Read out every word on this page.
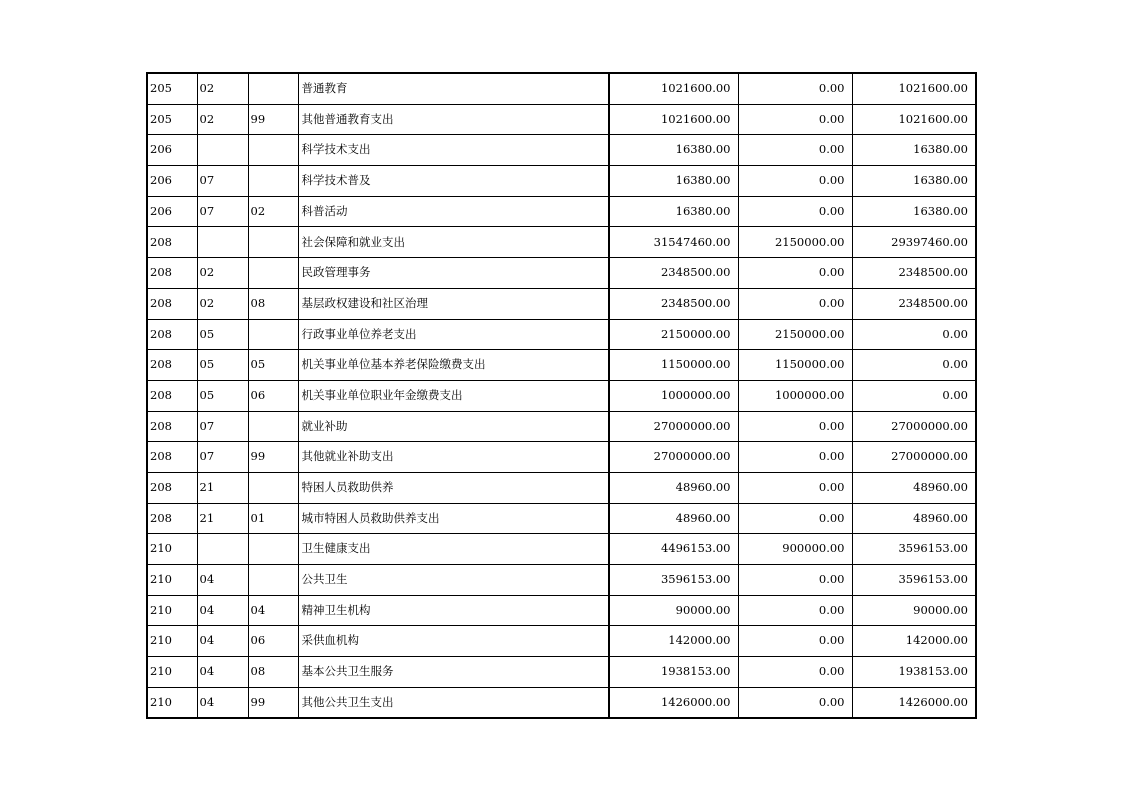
205	02		普通教育	1021600.00	0.00	1021600.00
205	02	99	其他普通教育支出	1021600.00	0.00	1021600.00
206			科学技术支出	16380.00	0.00	16380.00
206	07		科学技术普及	16380.00	0.00	16380.00
206	07	02	科普活动	16380.00	0.00	16380.00
208			社会保障和就业支出	31547460.00	2150000.00	29397460.00
208	02		民政管理事务	2348500.00	0.00	2348500.00
208	02	08	基层政权建设和社区治理	2348500.00	0.00	2348500.00
208	05		行政事业单位养老支出	2150000.00	2150000.00	0.00
208	05	05	机关事业单位基本养老保险缴费支出	1150000.00	1150000.00	0.00
208	05	06	机关事业单位职业年金缴费支出	1000000.00	1000000.00	0.00
208	07		就业补助	27000000.00	0.00	27000000.00
208	07	99	其他就业补助支出	27000000.00	0.00	27000000.00
208	21		特困人员救助供养	48960.00	0.00	48960.00
208	21	01	城市特困人员救助供养支出	48960.00	0.00	48960.00
210			卫生健康支出	4496153.00	900000.00	3596153.00
210	04		公共卫生	3596153.00	0.00	3596153.00
210	04	04	精神卫生机构	90000.00	0.00	90000.00
210	04	06	采供血机构	142000.00	0.00	142000.00
210	04	08	基本公共卫生服务	1938153.00	0.00	1938153.00
210	04	99	其他公共卫生支出	1426000.00	0.00	1426000.00
